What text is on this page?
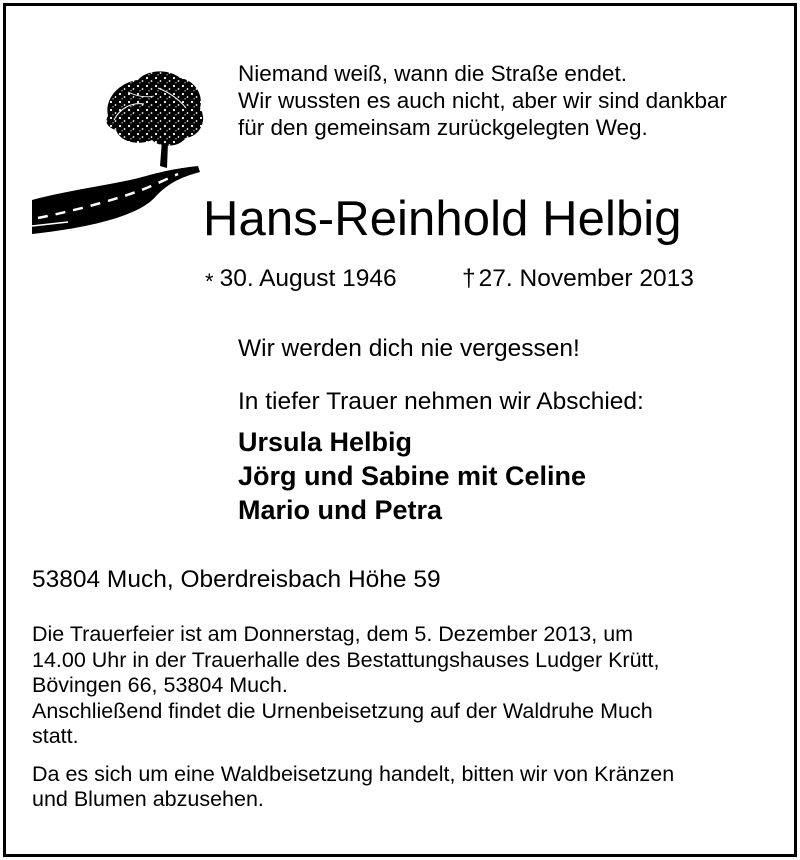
Niemand weiß, wann die Straße endet.
Wir wussten es auch nicht, aber wir sind dankbar
für den gemeinsam zurückgelegten Weg.
Hans-Reinhold Helbig
* 30. August 1946	† 27. November 2013
Wir werden dich nie vergessen!
In tiefer Trauer nehmen wir Abschied:
Ursula Helbig
Jörg und Sabine mit Celine
Mario und Petra
53804 Much, Oberdreisbach Höhe 59
Die Trauerfeier ist am Donnerstag, dem 5. Dezember 2013, um
14.00 Uhr in der Trauerhalle des Bestattungshauses Ludger Krütt,
Bövingen 66, 53804 Much.
Anschließend findet die Urnenbeisetzung auf der Waldruhe Much
statt.
Da es sich um eine Waldbeisetzung handelt, bitten wir von Kränzen
und Blumen abzusehen.
